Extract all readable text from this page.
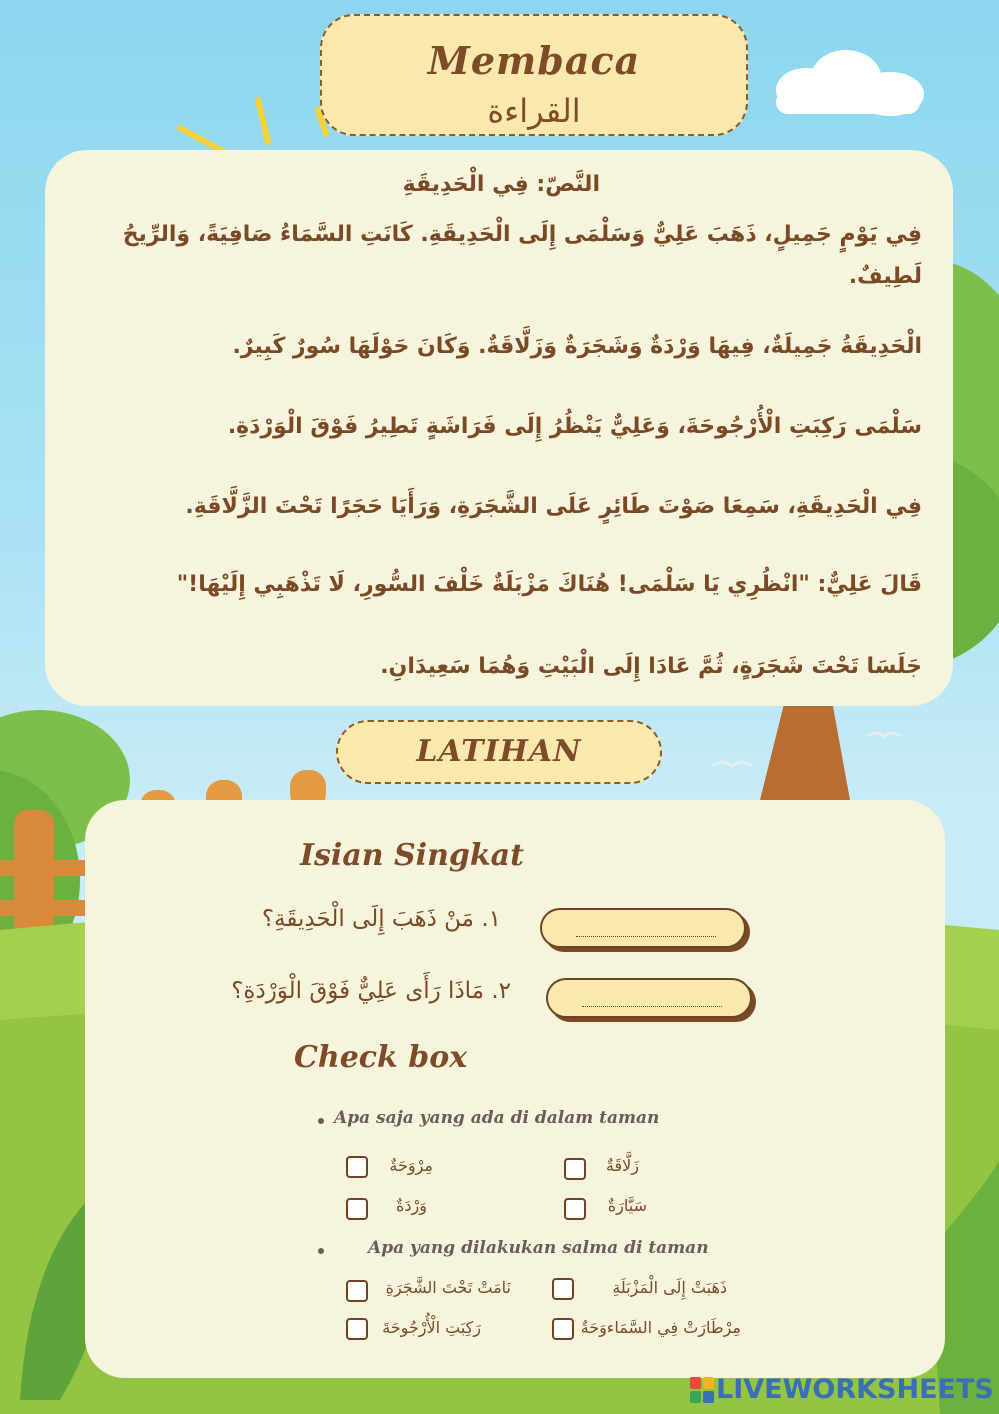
Membaca
القراءة
النَّصّ: فِي الْحَدِيقَةِ
فِي يَوْمٍ جَمِيلٍ، ذَهَبَ عَلِيٌّ وَسَلْمَى إِلَى الْحَدِيقَةِ. كَانَتِ السَّمَاءُ صَافِيَةً، وَالرِّيحُ لَطِيفٌ.
الْحَدِيقَةُ جَمِيلَةٌ، فِيهَا وَرْدَةٌ وَشَجَرَةٌ وَزَلَّاقَةٌ. وَكَانَ حَوْلَهَا سُورٌ كَبِيرٌ.
سَلْمَى رَكِبَتِ الْأُرْجُوحَةَ، وَعَلِيٌّ يَنْظُرُ إِلَى فَرَاشَةٍ تَطِيرُ فَوْقَ الْوَرْدَةِ.
فِي الْحَدِيقَةِ، سَمِعَا صَوْتَ طَائِرٍ عَلَى الشَّجَرَةِ، وَرَأَيَا حَجَرًا تَحْتَ الزَّلَّاقَةِ.
قَالَ عَلِيٌّ: "انْظُرِي يَا سَلْمَى! هُنَاكَ مَزْبَلَةٌ خَلْفَ السُّورِ، لَا تَذْهَبِي إِلَيْهَا!"
جَلَسَا تَحْتَ شَجَرَةٍ، ثُمَّ عَادَا إِلَى الْبَيْتِ وَهُمَا سَعِيدَانِ.
LATIHAN
Isian Singkat
١. مَنْ ذَهَبَ إِلَى الْحَدِيقَةِ؟
٢. مَاذَا رَأَى عَلِيٌّ فَوْقَ الْوَرْدَةِ؟
Check box
Apa saja yang ada di dalam taman
مِرْوَحَةٌ	زَلَّاقَةٌ
وَرْدَةٌ	سَيَّارَةٌ
Apa yang dilakukan salma di taman
نَامَتْ تَحْتَ الشَّجَرَةِ	ذَهَبَتْ إِلَى الْمَزْبَلَةِ
رَكِبَتِ الْأُرْجُوحَةَ	مِرْطَارَتْ فِي السَّمَاءوَحَةٌ
LIVEWORKSHEETS
